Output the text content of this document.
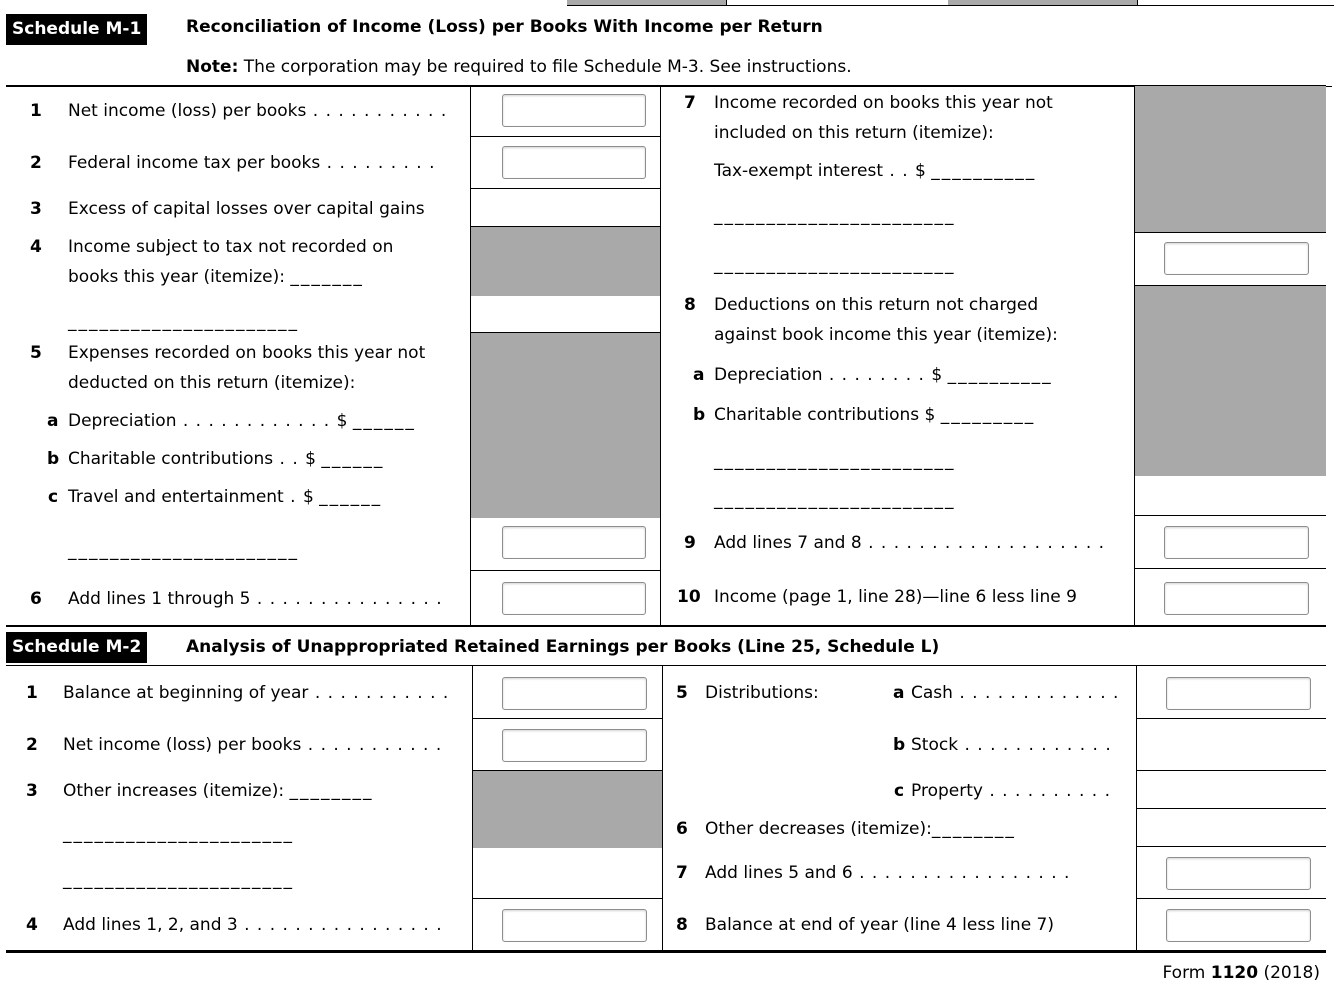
Schedule M-1	Reconciliation of Income (Loss) per Books With Income per Return
Note: The corporation may be required to file Schedule M-3. See instructions.
1 Net income (loss) per books . . . . . . . . . . .
2 Federal income tax per books . . . . . . . . .
3 Excess of capital losses over capital gains
4 Income subject to tax not recorded on
books this year (itemize): _______
______________________
5 Expenses recorded on books this year not
deducted on this return (itemize):
a Depreciation . . . . . . . . . . . . $ ______
b Charitable contributions . . $ ______
c Travel and entertainment . $ ______
______________________
6 Add lines 1 through 5 . . . . . . . . . . . . . . .
7 Income recorded on books this year not
included on this return (itemize):
Tax-exempt interest . . $ __________
_______________________
_______________________
8 Deductions on this return not charged
against book income this year (itemize):
a Depreciation . . . . . . . . $ __________
b Charitable contributions $ _________
_______________________
_______________________
9 Add lines 7 and 8 . . . . . . . . . . . . . . . . . . .
10 Income (page 1, line 28)—line 6 less line 9
Schedule M-2	Analysis of Unappropriated Retained Earnings per Books (Line 25, Schedule L)
1 Balance at beginning of year . . . . . . . . . . .
2 Net income (loss) per books . . . . . . . . . . .
3 Other increases (itemize): ________
______________________
______________________
4 Add lines 1, 2, and 3 . . . . . . . . . . . . . . . .
5 Distributions:	a Cash . . . . . . . . . . . . .
b Stock . . . . . . . . . . . .
c Property . . . . . . . . . .
6 Other decreases (itemize):________
7 Add lines 5 and 6 . . . . . . . . . . . . . . . . .
8 Balance at end of year (line 4 less line 7)
Form 1120 (2018)
